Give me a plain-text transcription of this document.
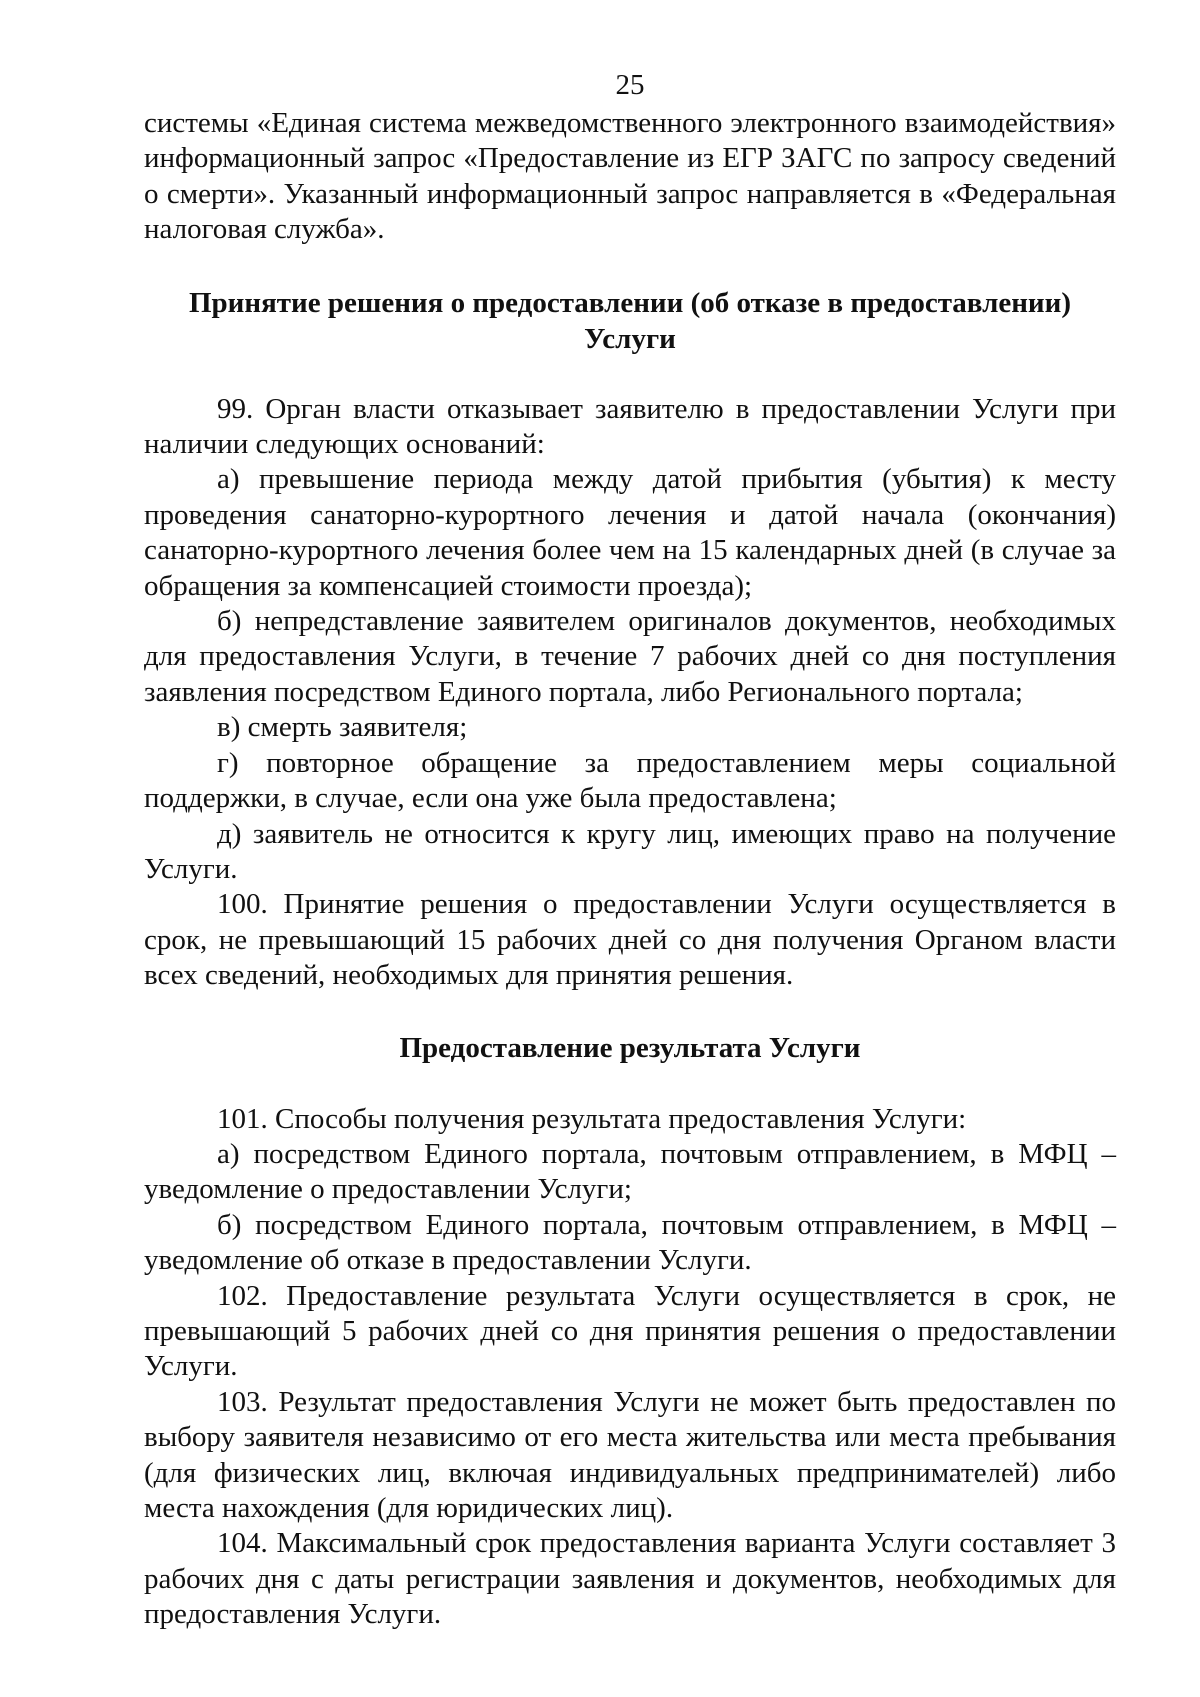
25

системы «Единая система межведомственного электронного взаимодействия» информационный запрос «Предоставление из ЕГР ЗАГС по запросу сведений о смерти». Указанный информационный запрос направляется в «Федеральная налоговая служба».

Принятие решения о предоставлении (об отказе в предоставлении) Услуги

99. Орган власти отказывает заявителю в предоставлении Услуги при наличии следующих оснований:

а) превышение периода между датой прибытия (убытия) к месту проведения санаторно-курортного лечения и датой начала (окончания) санаторно-курортного лечения более чем на 15 календарных дней (в случае за обращения за компенсацией стоимости проезда);

б) непредставление заявителем оригиналов документов, необходимых для предоставления Услуги, в течение 7 рабочих дней со дня поступления заявления посредством Единого портала, либо Регионального портала;

в) смерть заявителя;

г) повторное обращение за предоставлением меры социальной поддержки, в случае, если она уже была предоставлена;

д) заявитель не относится к кругу лиц, имеющих право на получение Услуги.

100. Принятие решения о предоставлении Услуги осуществляется в срок, не превышающий 15 рабочих дней со дня получения Органом власти всех сведений, необходимых для принятия решения.

Предоставление результата Услуги

101. Способы получения результата предоставления Услуги:

а) посредством Единого портала, почтовым отправлением, в МФЦ – уведомление о предоставлении Услуги;

б) посредством Единого портала, почтовым отправлением, в МФЦ – уведомление об отказе в предоставлении Услуги.

102. Предоставление результата Услуги осуществляется в срок, не превышающий 5 рабочих дней со дня принятия решения о предоставлении Услуги.

103. Результат предоставления Услуги не может быть предоставлен по выбору заявителя независимо от его места жительства или места пребывания (для физических лиц, включая индивидуальных предпринимателей) либо места нахождения (для юридических лиц).

104. Максимальный срок предоставления варианта Услуги составляет 3 рабочих дня с даты регистрации заявления и документов, необходимых для предоставления Услуги.
